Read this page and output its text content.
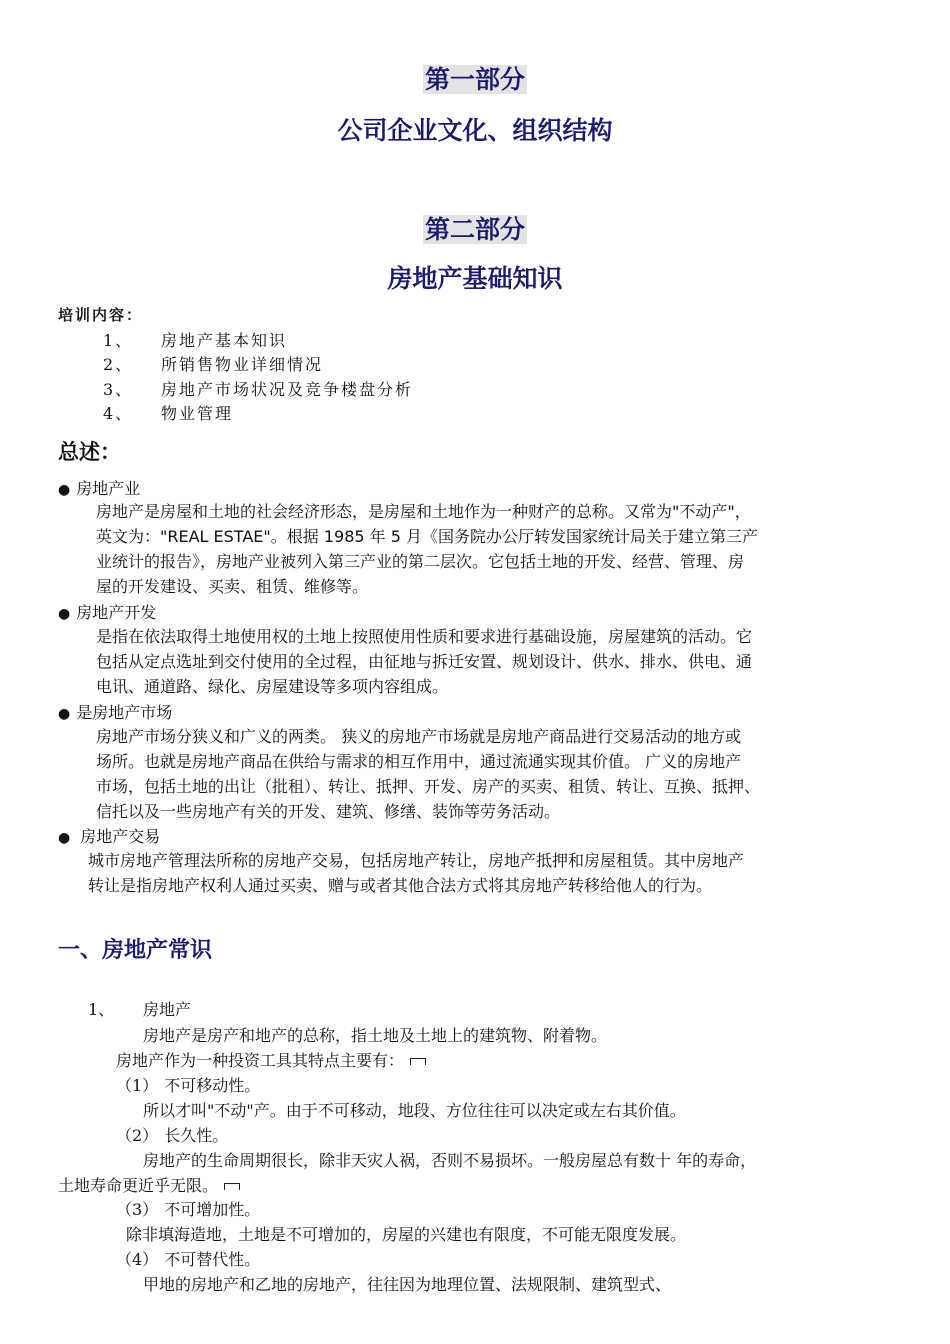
第一部分
公司企业文化、组织结构
第二部分
房地产基础知识
培训内容：
1、 房地产基本知识
2、 所销售物业详细情况
3、 房地产市场状况及竞争楼盘分析
4、 物业管理
总述：
● 房地产业
房地产是房屋和土地的社会经济形态，是房屋和土地作为一种财产的总称。又常为"不动产"，
英文为："REAL ESTAE"。根据 1985 年 5 月《国务院办公厅转发国家统计局关于建立第三产
业统计的报告》，房地产业被列入第三产业的第二层次。它包括土地的开发、经营、管理、房
屋的开发建设、买卖、租赁、维修等。
● 房地产开发
是指在依法取得土地使用权的土地上按照使用性质和要求进行基础设施，房屋建筑的活动。它
包括从定点选址到交付使用的全过程，由征地与拆迁安置、规划设计、供水、排水、供电、通
电讯、通道路、绿化、房屋建设等多项内容组成。
● 是房地产市场
房地产市场分狭义和广义的两类。 狭义的房地产市场就是房地产商品进行交易活动的地方或
场所。也就是房地产商品在供给与需求的相互作用中，通过流通实现其价值。 广义的房地产
市场，包括土地的出让（批租）、转让、抵押、开发、房产的买卖、租赁、转让、互换、抵押、
信托以及一些房地产有关的开发、建筑、修缮、装饰等劳务活动。
● 房地产交易
城市房地产管理法所称的房地产交易，包括房地产转让，房地产抵押和房屋租赁。其中房地产
转让是指房地产权利人通过买卖、赠与或者其他合法方式将其房地产转移给他人的行为。
一、房地产常识
1、 房地产
房地产是房产和地产的总称，指土地及土地上的建筑物、附着物。
房地产作为一种投资工具其特点主要有：
（1） 不可移动性。
所以才叫"不动"产。由于不可移动，地段、方位往往可以决定或左右其价值。
（2） 长久性。
房地产的生命周期很长，除非天灾人祸，否则不易损坏。一般房屋总有数十 年的寿命，
土地寿命更近乎无限。
（3） 不可增加性。
除非填海造地，土地是不可增加的，房屋的兴建也有限度，不可能无限度发展。
（4） 不可替代性。
甲地的房地产和乙地的房地产，往往因为地理位置、法规限制、建筑型式、
